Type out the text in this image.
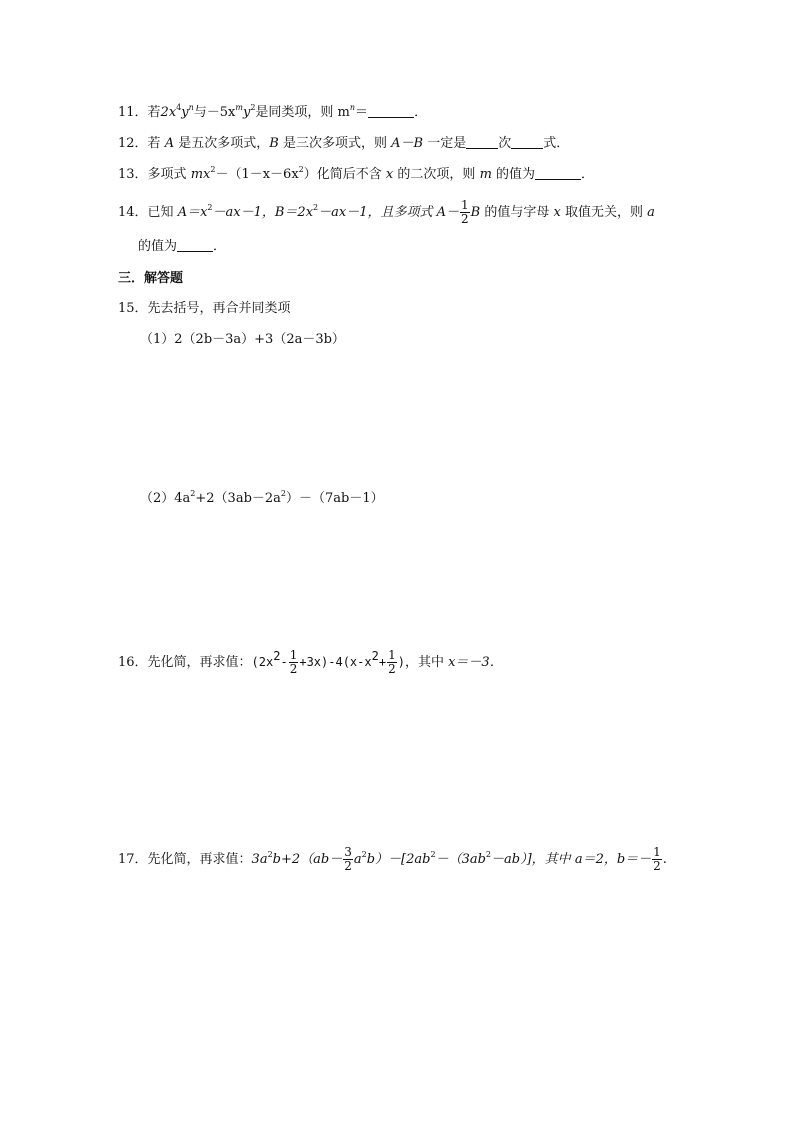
11．若$2x^4y^n$与$-5x^my^2$是同类项，则 $m^n=$	．
12．若 A 是五次多项式，B 是三次多项式，则 A－B 一定是 次 式．
13．多项式 $mx^2-(1-x-6x^2)$化简后不含 x 的二次项，则 m 的值为	．
14．已知 $A=x^2-ax-1$，$B=2x^2-ax-1$，且多项式 $A- \frac{1}{2}$ B 的值与字母 x 取值无关，则 a
的值为	．
三．解答题
15．先去括号，再合并同类项
（1）2（2b－3a）+3（2a－3b）
$(2)4a^2+2(3ab-2a^2)-(7ab-1)$
16．先化简，再求值：$(2x^2- \frac{1}{2} +3x)-4(x-x^2+ \frac{1}{2}$ )，其中 x＝－3．
17．先化简，再求值：$3a^2b+2(ab- \frac{3}{2} a^2b)-[2ab^2-(3ab^2-ab)]$，其中 a＝2，$b=- \frac{1}{2}$ .
